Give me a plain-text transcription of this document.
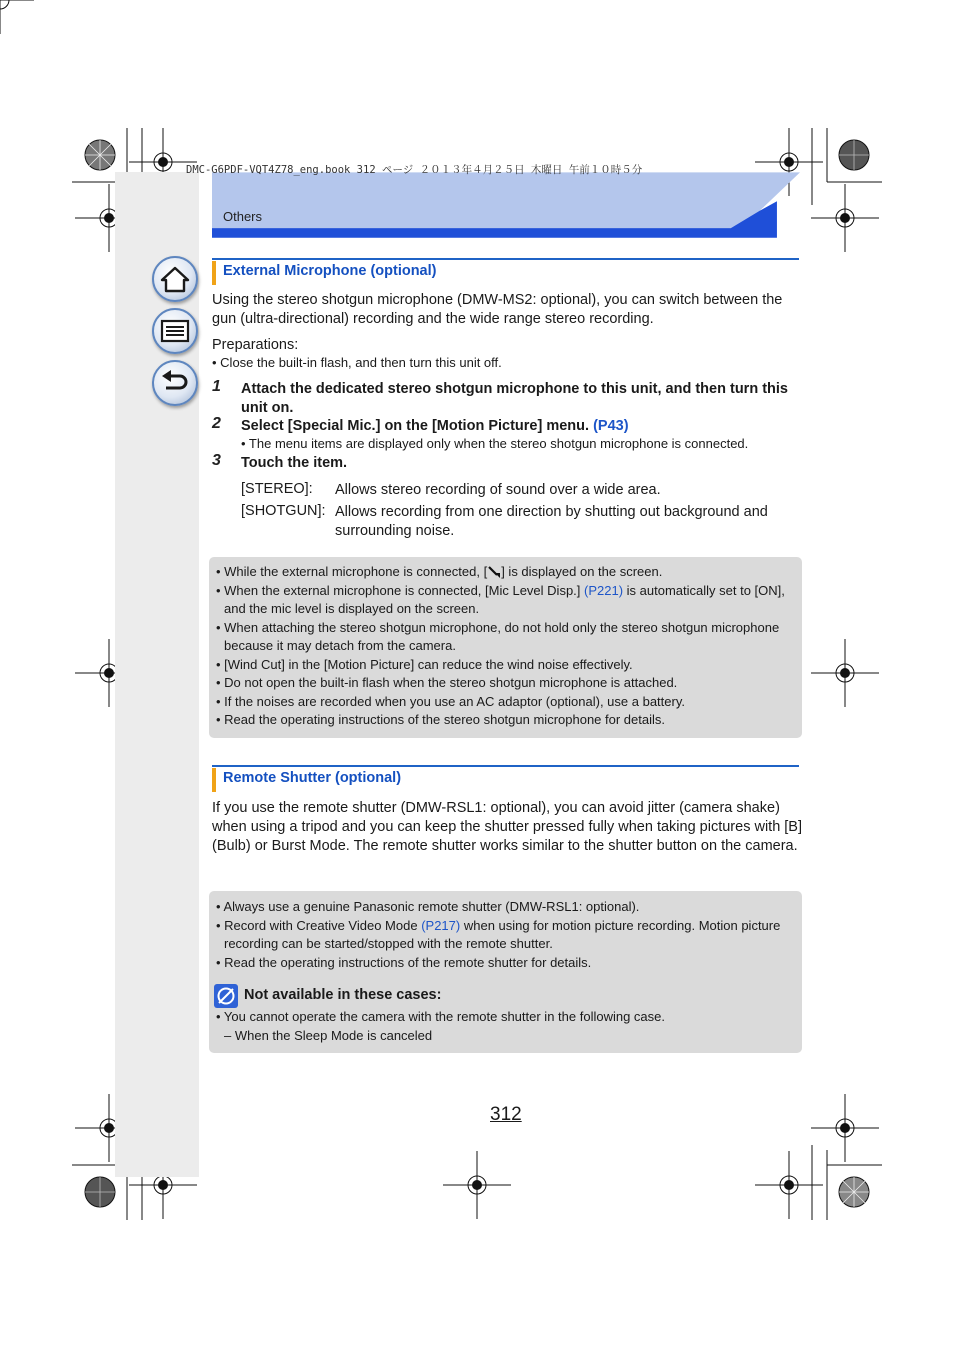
DMC-G6PDF-VQT4Z78_eng.book 312 ページ ２０１３年４月２５日 木曜日 午前１０時５分
Others
External Microphone (optional)
Using the stereo shotgun microphone (DMW-MS2: optional), you can switch between the gun (ultra-directional) recording and the wide range stereo recording.
Preparations:
• Close the built-in flash, and then turn this unit off.
1 Attach the dedicated stereo shotgun microphone to this unit, and then turn this unit on.
2 Select [Special Mic.] on the [Motion Picture] menu. (P43)
• The menu items are displayed only when the stereo shotgun microphone is connected.
3 Touch the item.
[STEREO]: Allows stereo recording of sound over a wide area.
[SHOTGUN]: Allows recording from one direction by shutting out background and surrounding noise.
• While the external microphone is connected, [ ] is displayed on the screen.
• When the external microphone is connected, [Mic Level Disp.] (P221) is automatically set to [ON], and the mic level is displayed on the screen.
• When attaching the stereo shotgun microphone, do not hold only the stereo shotgun microphone because it may detach from the camera.
• [Wind Cut] in the [Motion Picture] can reduce the wind noise effectively.
• Do not open the built-in flash when the stereo shotgun microphone is attached.
• If the noises are recorded when you use an AC adaptor (optional), use a battery.
• Read the operating instructions of the stereo shotgun microphone for details.
Remote Shutter (optional)
If you use the remote shutter (DMW-RSL1: optional), you can avoid jitter (camera shake) when using a tripod and you can keep the shutter pressed fully when taking pictures with [B] (Bulb) or Burst Mode. The remote shutter works similar to the shutter button on the camera.
• Always use a genuine Panasonic remote shutter (DMW-RSL1: optional).
• Record with Creative Video Mode (P217) when using for motion picture recording. Motion picture recording can be started/stopped with the remote shutter.
• Read the operating instructions of the remote shutter for details.
Not available in these cases:
• You cannot operate the camera with the remote shutter in the following case.
– When the Sleep Mode is canceled
312
